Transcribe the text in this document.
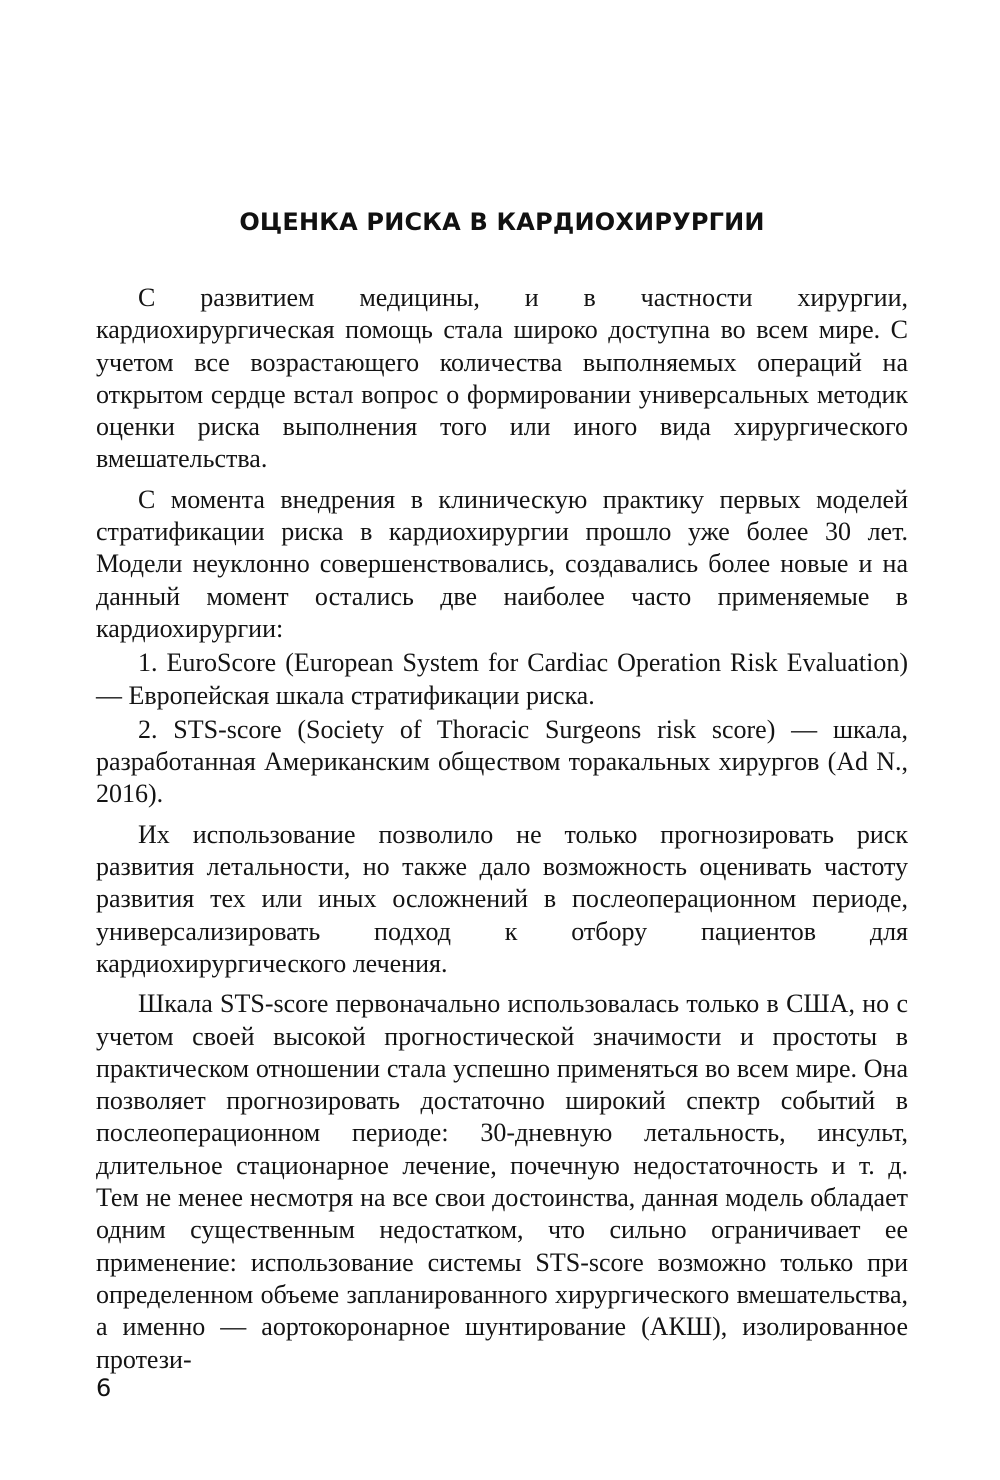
ОЦЕНКА РИСКА В КАРДИОХИРУРГИИ

С развитием медицины, и в частности хирургии, кардиохирургическая помощь стала широко доступна во всем мире. С учетом все возрастающего количества выполняемых операций на открытом сердце встал вопрос о формировании универсальных методик оценки риска выполнения того или иного вида хирургического вмешательства.

С момента внедрения в клиническую практику первых моделей стратификации риска в кардиохирургии прошло уже более 30 лет. Модели неуклонно совершенствовались, создавались более новые и на данный момент остались две наиболее часто применяемые в кардиохирургии:

1. EuroScore (European System for Cardiac Operation Risk Evaluation) — Европейская шкала стратификации риска.

2. STS-score (Society of Thoracic Surgeons risk score) — шкала, разработанная Американским обществом торакальных хирургов (Ad N., 2016).

Их использование позволило не только прогнозировать риск развития летальности, но также дало возможность оценивать частоту развития тех или иных осложнений в послеоперационном периоде, универсализировать подход к отбору пациентов для кардиохирургического лечения.

Шкала STS-score первоначально использовалась только в США, но с учетом своей высокой прогностической значимости и простоты в практическом отношении стала успешно применяться во всем мире. Она позволяет прогнозировать достаточно широкий спектр событий в послеоперационном периоде: 30-дневную летальность, инсульт, длительное стационарное лечение, почечную недостаточность и т. д. Тем не менее несмотря на все свои достоинства, данная модель обладает одним существенным недостатком, что сильно ограничивает ее применение: использование системы STS-score возможно только при определенном объеме запланированного хирургического вмешательства, а именно — аортокоронарное шунтирование (АКШ), изолированное протези-

6
